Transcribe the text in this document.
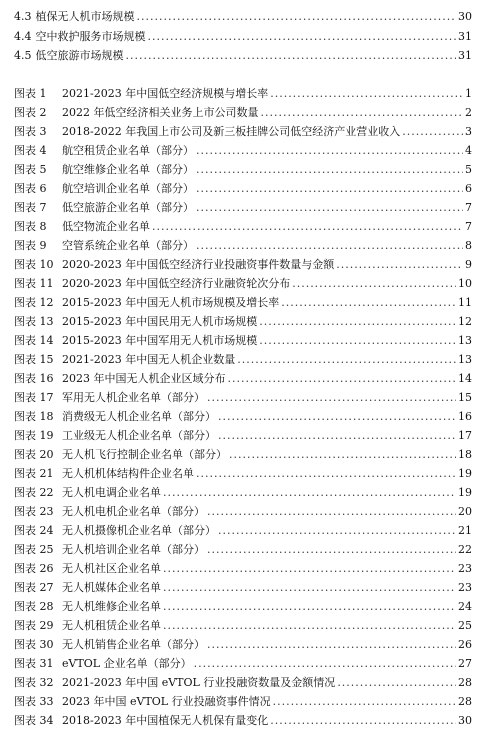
4.3 植保无人机市场规模 .....	30
4.4 空中救护服务市场规模 .....	31
4.5 低空旅游市场规模 .....	31
图表 1	2021-2023 年中国低空经济规模与增长率 .....	1
图表 2	2022 年低空经济相关业务上市公司数量 .....	2
图表 3	2018-2022 年我国上市公司及新三板挂牌公司低空经济产业营业收入 .....	3
图表 4	航空租赁企业名单（部分） .....	4
图表 5	航空维修企业名单（部分） .....	5
图表 6	航空培训企业名单（部分） .....	6
图表 7	低空旅游企业名单（部分） .....	7
图表 8	低空物流企业名单 .....	7
图表 9	空管系统企业名单（部分） .....	8
图表 10 2020-2023 年中国低空经济行业投融资事件数量与金额 .....	9
图表 11 2020-2023 年中国低空经济行业融资轮次分布 .....	10
图表 12 2015-2023 年中国无人机市场规模及增长率 .....	11
图表 13 2015-2023 年中国民用无人机市场规模 .....	12
图表 14 2015-2023 年中国军用无人机市场规模 .....	13
图表 15 2021-2023 年中国无人机企业数量 .....	13
图表 16 2023 年中国无人机企业区域分布 .....	14
图表 17 军用无人机企业名单（部分） .....	15
图表 18 消费级无人机企业名单（部分） .....	16
图表 19 工业级无人机企业名单（部分） .....	17
图表 20 无人机飞行控制企业名单（部分） .....	18
图表 21 无人机机体结构件企业名单 .....	19
图表 22 无人机电调企业名单 .....	19
图表 23 无人机电机企业名单（部分） .....	20
图表 24 无人机摄像机企业名单（部分） .....	21
图表 25 无人机培训企业名单（部分） .....	22
图表 26 无人机社区企业名单 .....	23
图表 27 无人机媒体企业名单 .....	23
图表 28 无人机维修企业名单 .....	24
图表 29 无人机租赁企业名单 .....	25
图表 30 无人机销售企业名单（部分） .....	26
图表 31 eVTOL 企业名单（部分） .....	27
图表 32 2021-2023 年中国 eVTOL 行业投融资数量及金额情况 .....	28
图表 33 2023 年中国 eVTOL 行业投融资事件情况 .....	28
图表 34 2018-2023 年中国植保无人机保有量变化 .....	30
